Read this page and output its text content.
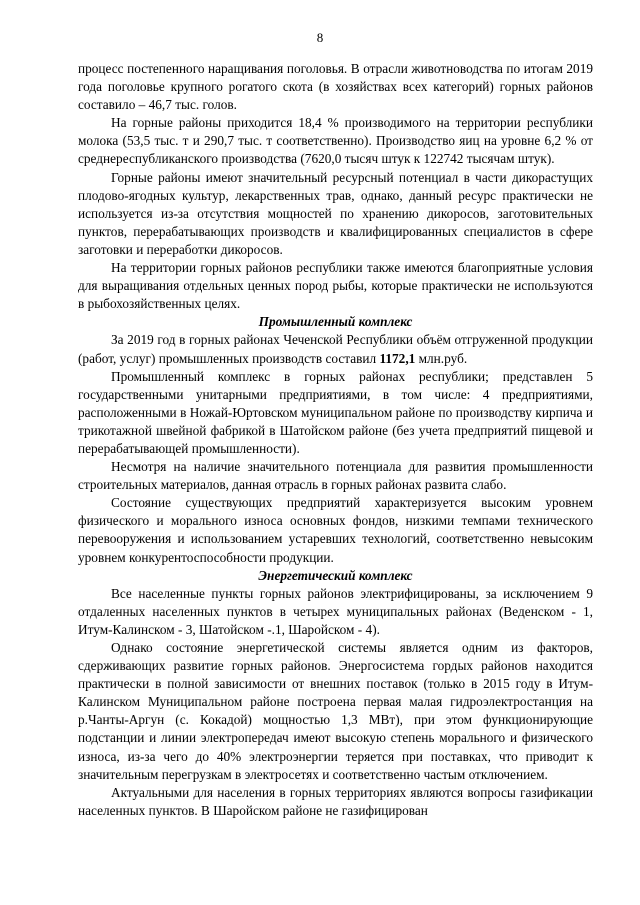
8

процесс постепенного наращивания поголовья. В отрасли животноводства по итогам 2019 года поголовье крупного рогатого скота (в хозяйствах всех категорий) горных районов составило – 46,7 тыс. голов.

На горные районы приходится 18,4 % производимого на территории республики молока (53,5 тыс. т и 290,7 тыс. т соответственно). Производство яиц на уровне 6,2 % от среднереспубликанского производства (7620,0 тысяч штук к 122742 тысячам штук).

Горные районы имеют значительный ресурсный потенциал в части дикорастущих плодово-ягодных культур, лекарственных трав, однако, данный ресурс практически не используется из-за отсутствия мощностей по хранению дикоросов, заготовительных пунктов, перерабатывающих производств и квалифицированных специалистов в сфере заготовки и переработки дикоросов.

На территории горных районов республики также имеются благоприятные условия для выращивания отдельных ценных пород рыбы, которые практически не используются в рыбохозяйственных целях.

Промышленный комплекс

За 2019 год в горных районах Чеченской Республики объём отгруженной продукции (работ, услуг) промышленных производств составил 1172,1 млн.руб.

Промышленный комплекс в горных районах республики; представлен 5 государственными унитарными предприятиями, в том числе: 4 предприятиями, расположенными в Ножай-Юртовском муниципальном районе по производству кирпича и трикотажной швейной фабрикой в Шатойском районе (без учета предприятий пищевой и перерабатывающей промышленности).

Несмотря на наличие значительного потенциала для развития промышленности строительных материалов, данная отрасль в горных районах развита слабо.

Состояние существующих предприятий характеризуется высоким уровнем физического и морального износа основных фондов, низкими темпами технического перевооружения и использованием устаревших технологий, соответственно невысоким уровнем конкурентоспособности продукции.

Энергетический комплекс

Все населенные пункты горных районов электрифицированы, за исключением 9 отдаленных населенных пунктов в четырех муниципальных районах (Веденском - 1, Итум-Калинском - 3, Шатойском -.1, Шаройском - 4).

Однако состояние энергетической системы является одним из факторов, сдерживающих развитие горных районов. Энергосистема гордых районов находится практически в полной зависимости от внешних поставок (только в 2015 году в Итум-Калинском Муниципальном районе построена первая малая гидроэлектростанция на р.Чанты-Аргун (с. Кокадой) мощностью 1,3 МВт), при этом функционирующие подстанции и линии электропередач имеют высокую степень морального и физического износа, из-за чего до 40% электроэнергии теряется при поставках, что приводит к значительным перегрузкам в электросетях и соответственно частым отключением.

Актуальными для населения в горных территориях являются вопросы газификации населенных пунктов. В Шаройском районе не газифицирован
